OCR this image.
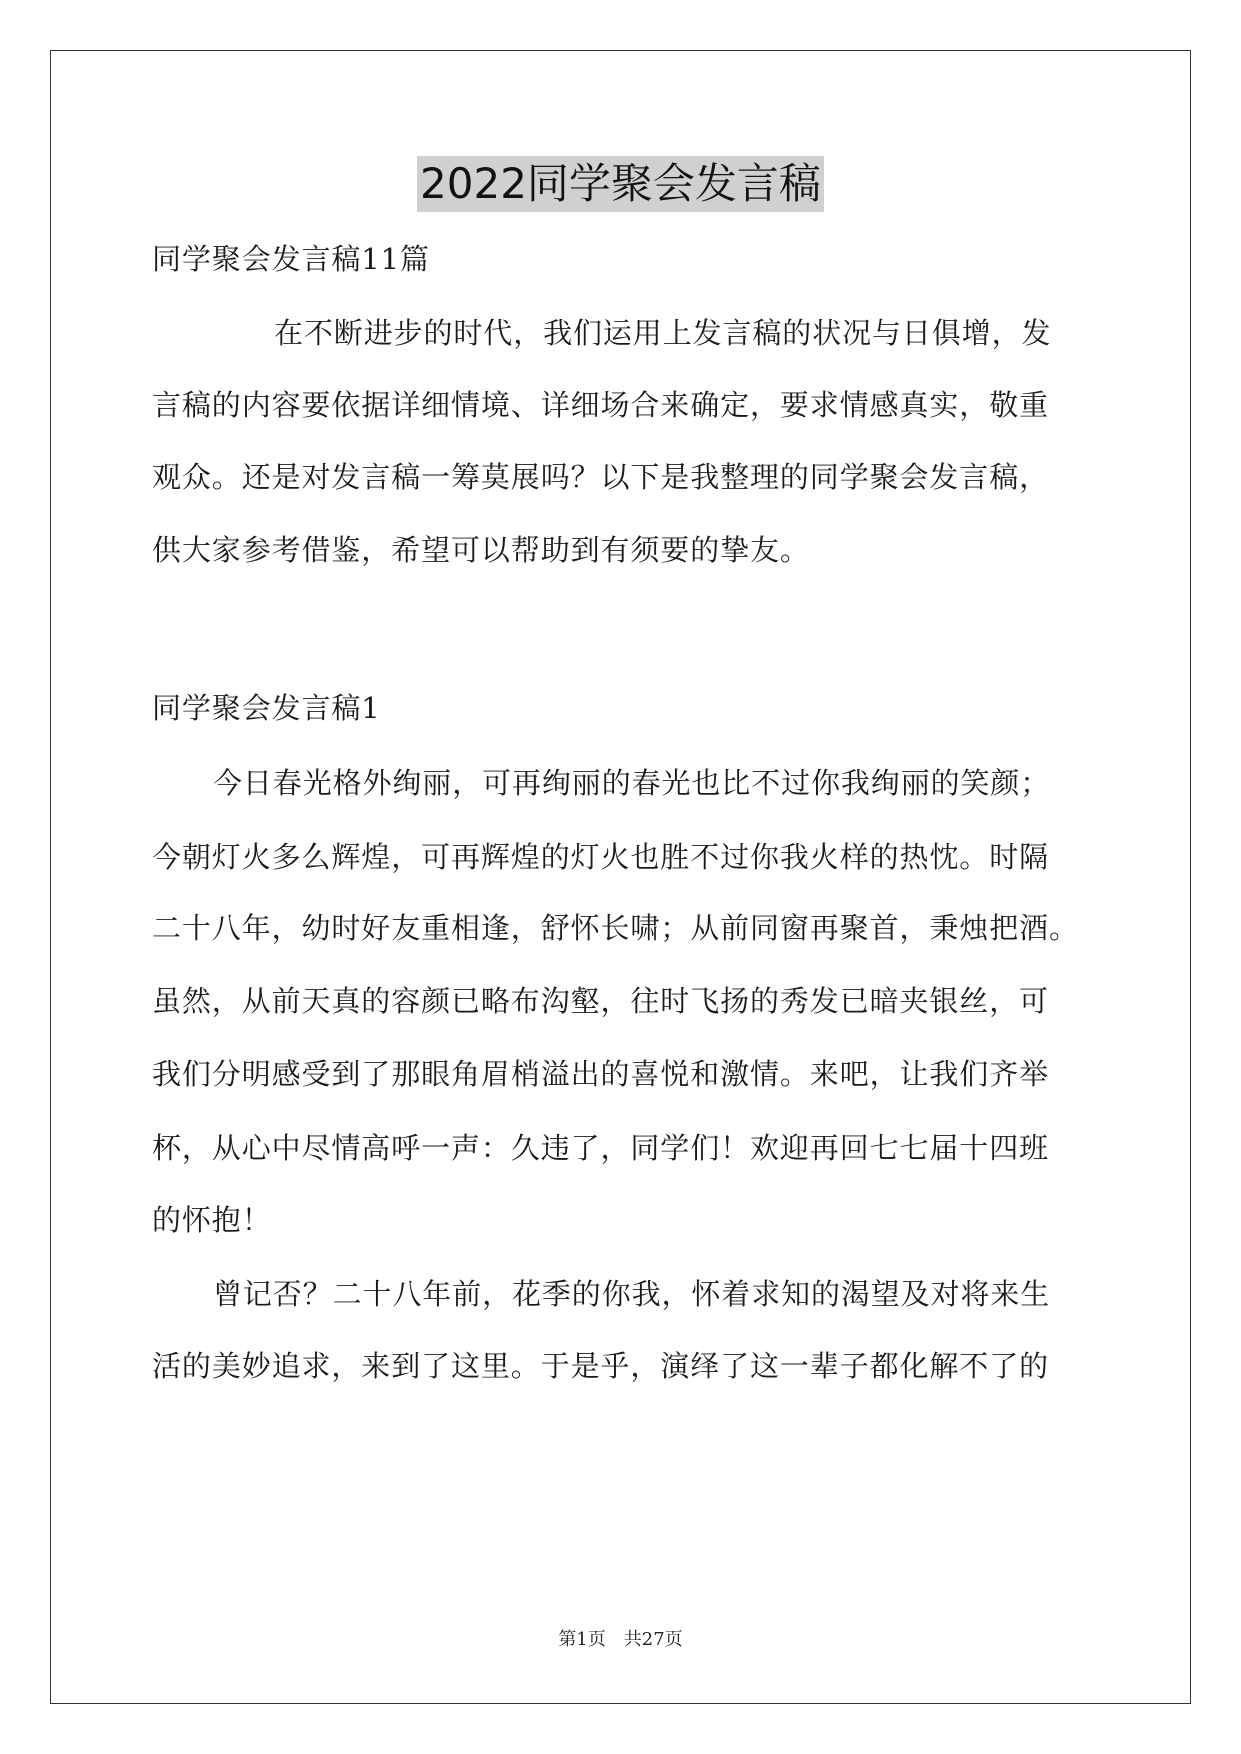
2022同学聚会发言稿
同学聚会发言稿11篇
在不断进步的时代，我们运用上发言稿的状况与日俱增，发
言稿的内容要依据详细情境、详细场合来确定，要求情感真实，敬重
观众。还是对发言稿一筹莫展吗？以下是我整理的同学聚会发言稿，
供大家参考借鉴，希望可以帮助到有须要的挚友。
同学聚会发言稿1
今日春光格外绚丽，可再绚丽的春光也比不过你我绚丽的笑颜；
今朝灯火多么辉煌，可再辉煌的灯火也胜不过你我火样的热忱。时隔
二十八年，幼时好友重相逢，舒怀长啸；从前同窗再聚首，秉烛把酒。
虽然，从前天真的容颜已略布沟壑，往时飞扬的秀发已暗夹银丝，可
我们分明感受到了那眼角眉梢溢出的喜悦和激情。来吧，让我们齐举
杯，从心中尽情高呼一声：久违了，同学们！欢迎再回七七届十四班
的怀抱！
曾记否？二十八年前，花季的你我，怀着求知的渴望及对将来生
活的美妙追求，来到了这里。于是乎，演绎了这一辈子都化解不了的
第1页　共27页
